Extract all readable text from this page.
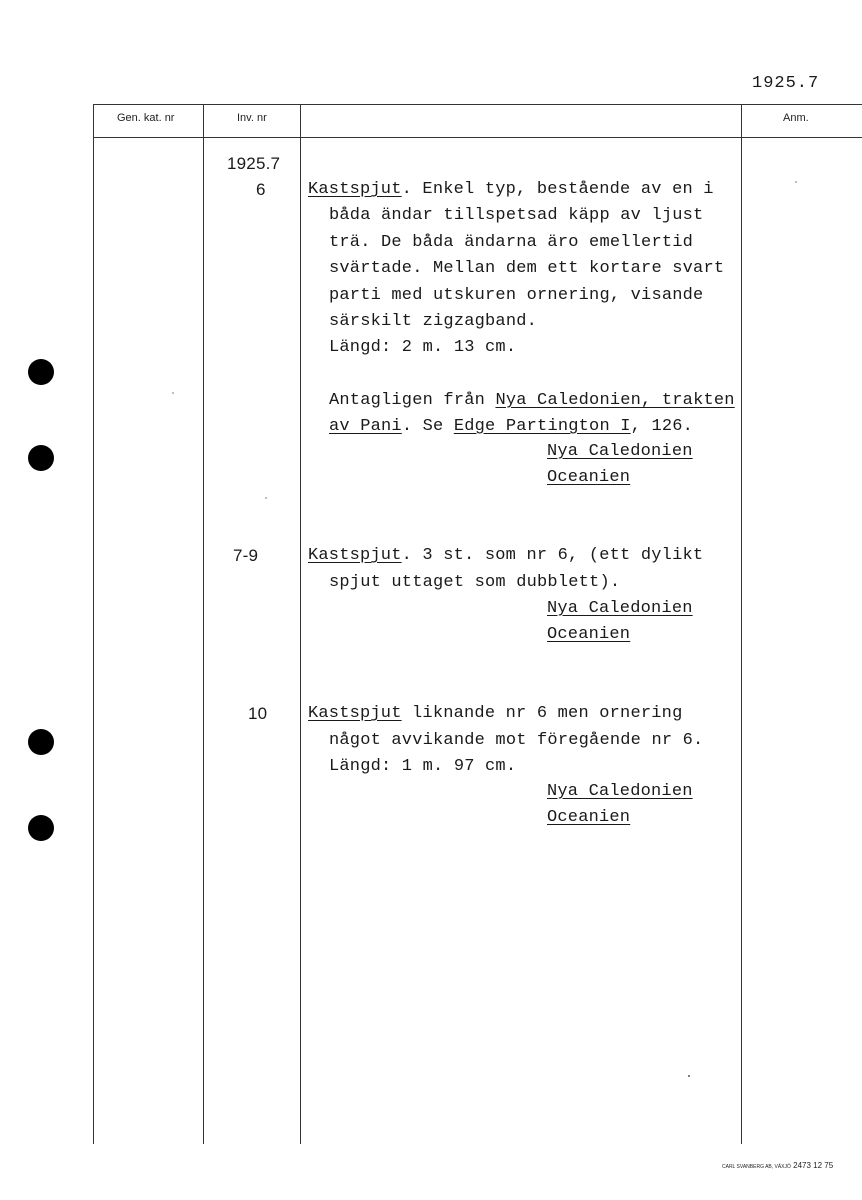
1925.7
Gen. kat. nr	Inv. nr	Anm.
1925.7
6 Kastspjut. Enkel typ, bestående av en i
båda ändar tillspetsad käpp av ljust
trä. De båda ändarna äro emellertid
svärtade. Mellan dem ett kortare svart
parti med utskuren ornering, visande
särskilt zigzagband.
Längd: 2 m. 13 cm.
Antagligen från Nya Caledonien, trakten
av Pani. Se Edge Partington I, 126.
Nya Caledonien
Oceanien
7-9	Kastspjut. 3 st. som nr 6, (ett dylikt
spjut uttaget som dubblett).
Nya Caledonien
Oceanien
10 Kastspjut liknande nr 6 men ornering
något avvikande mot föregående nr 6.
Längd: 1 m. 97 cm.
Nya Caledonien
Oceanien
CARL SVANBERG AB, VÄXJÖ 2473 12 75
